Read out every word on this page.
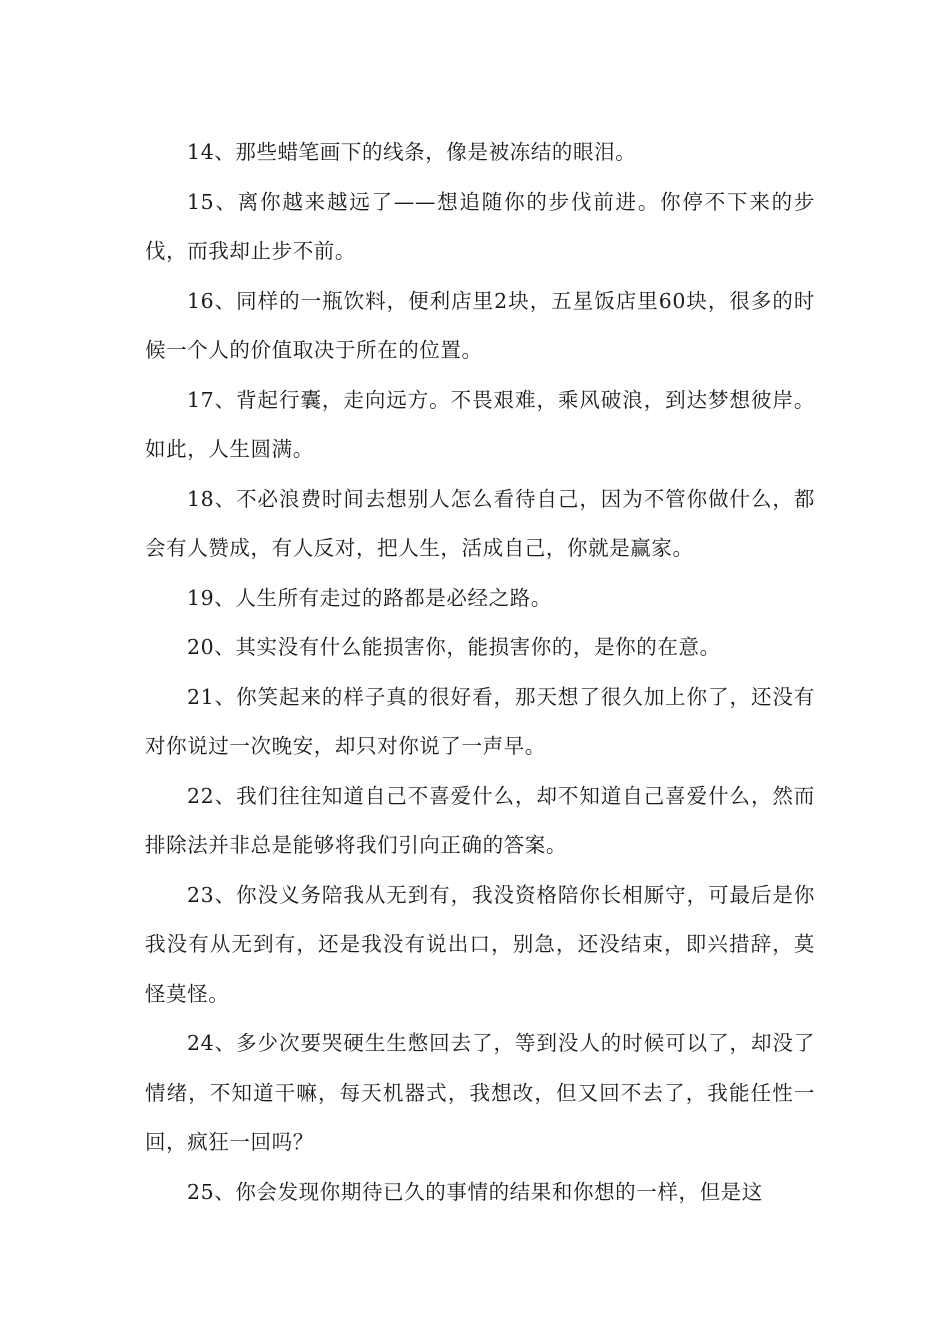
14、那些蜡笔画下的线条，像是被冻结的眼泪。

15、离你越来越远了——想追随你的步伐前进。你停不下来的步伐，而我却止步不前。

16、同样的一瓶饮料，便利店里2块，五星饭店里60块，很多的时候一个人的价值取决于所在的位置。

17、背起行囊，走向远方。不畏艰难，乘风破浪，到达梦想彼岸。如此，人生圆满。

18、不必浪费时间去想别人怎么看待自己，因为不管你做什么，都会有人赞成，有人反对，把人生，活成自己，你就是赢家。

19、人生所有走过的路都是必经之路。

20、其实没有什么能损害你，能损害你的，是你的在意。

21、你笑起来的样子真的很好看，那天想了很久加上你了，还没有对你说过一次晚安，却只对你说了一声早。

22、我们往往知道自己不喜爱什么，却不知道自己喜爱什么，然而排除法并非总是能够将我们引向正确的答案。

23、你没义务陪我从无到有，我没资格陪你长相厮守，可最后是你我没有从无到有，还是我没有说出口，别急，还没结束，即兴措辞，莫怪莫怪。

24、多少次要哭硬生生憋回去了，等到没人的时候可以了，却没了情绪，不知道干嘛，每天机器式，我想改，但又回不去了，我能任性一回，疯狂一回吗？

25、你会发现你期待已久的事情的结果和你想的一样，但是这
